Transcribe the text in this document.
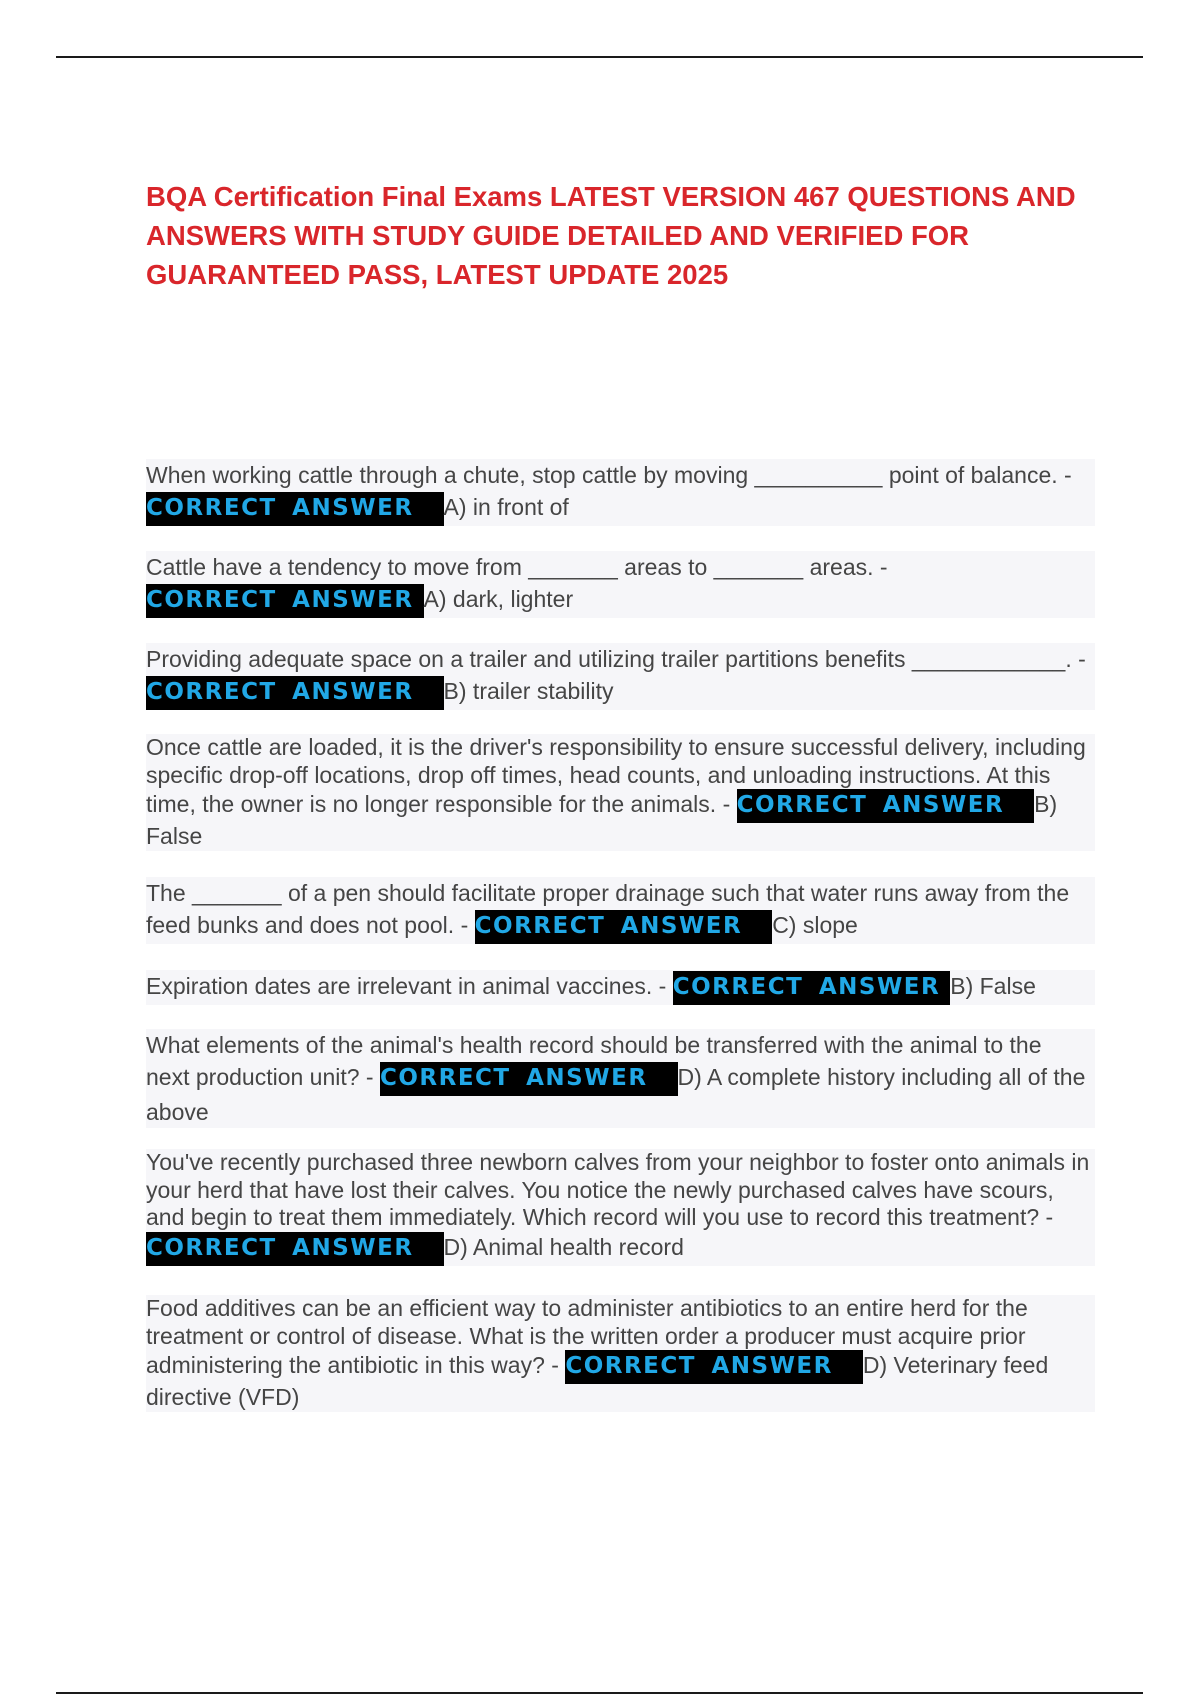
BQA Certification Final Exams LATEST VERSION 467 QUESTIONS AND ANSWERS WITH STUDY GUIDE DETAILED AND VERIFIED FOR GUARANTEED PASS, LATEST UPDATE 2025

When working cattle through a chute, stop cattle by moving __________ point of balance. - CORRECT ANSWER A) in front of

Cattle have a tendency to move from _______ areas to _______ areas. - CORRECT ANSWER A) dark, lighter

Providing adequate space on a trailer and utilizing trailer partitions benefits ____________. - CORRECT ANSWER B) trailer stability

Once cattle are loaded, it is the driver's responsibility to ensure successful delivery, including specific drop-off locations, drop off times, head counts, and unloading instructions. At this time, the owner is no longer responsible for the animals. - CORRECT ANSWER B) False

The _______ of a pen should facilitate proper drainage such that water runs away from the feed bunks and does not pool. - CORRECT ANSWER C) slope

Expiration dates are irrelevant in animal vaccines. - CORRECT ANSWER B) False

What elements of the animal's health record should be transferred with the animal to the next production unit? - CORRECT ANSWER D) A complete history including all of the above

You've recently purchased three newborn calves from your neighbor to foster onto animals in your herd that have lost their calves. You notice the newly purchased calves have scours, and begin to treat them immediately. Which record will you use to record this treatment? - CORRECT ANSWER D) Animal health record

Food additives can be an efficient way to administer antibiotics to an entire herd for the treatment or control of disease. What is the written order a producer must acquire prior administering the antibiotic in this way? - CORRECT ANSWER D) Veterinary feed directive (VFD)
